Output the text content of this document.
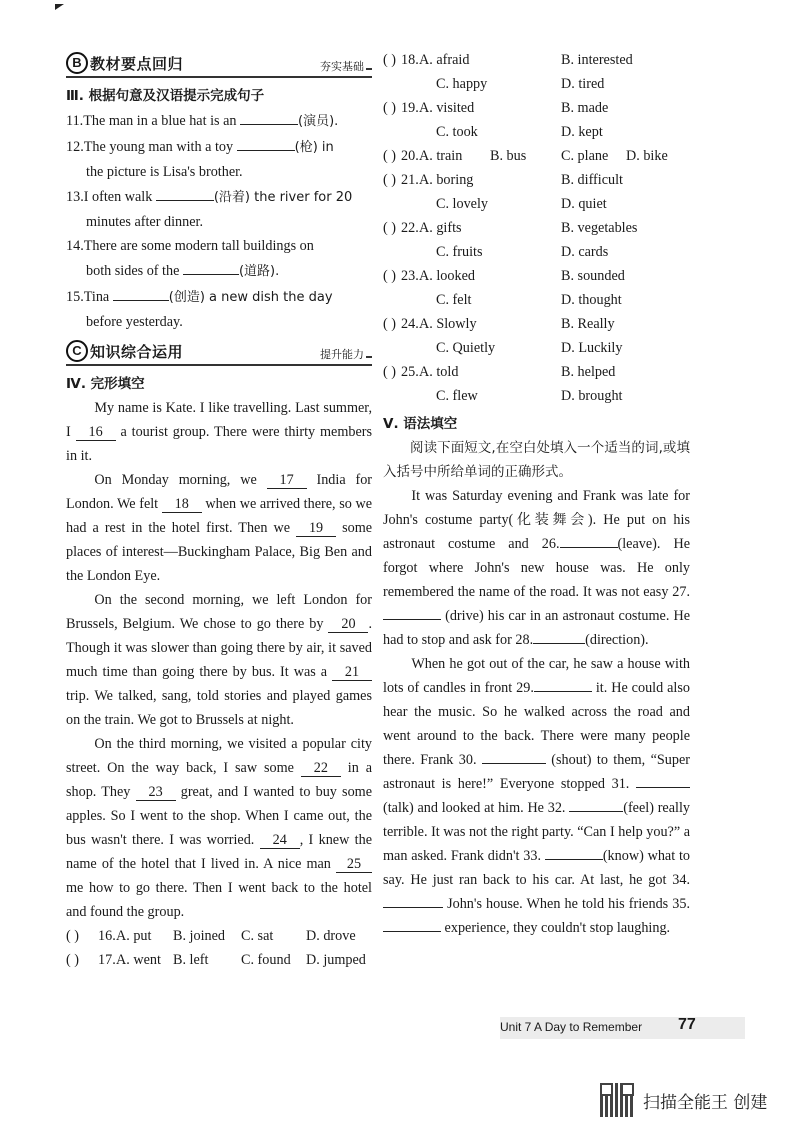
B 教材要点回归	夯实基础
Ⅲ. 根据句意及汉语提示完成句子
11.The man in a blue hat is an	(演员).
12.The young man with a toy	(枪) in
the picture is Lisa's brother.
13.I often walk	(沿着) the river for 20
minutes after dinner.
14.There are some modern tall buildings on
both sides of the	(道路).
15.Tina	(创造) a new dish the day
before yesterday.
C 知识综合运用	提升能力
Ⅳ. 完形填空
My name is Kate. I like travelling. Last summer, I 16 a tourist group. There were thirty members in it.
On Monday morning, we 17 India for London. We felt 18 when we arrived there, so we had a rest in the hotel first. Then we 19 some places of interest—Buckingham Palace, Big Ben and the London Eye.
On the second morning, we left London for Brussels, Belgium. We chose to go there by 20 . Though it was slower than going there by air, it saved much time than going there by bus. It was a 21 trip. We talked, sang, told stories and played games on the train. We got to Brussels at night.
On the third morning, we visited a popular city street. On the way back, I saw some 22 in a shop. They 23 great, and I wanted to buy some apples. So I went to the shop. When I came out, the bus wasn't there. I was worried. 24 , I knew the name of the hotel that I lived in. A nice man 25 me how to go there. Then I went back to the hotel and found the group.
( ) 16. A. put B. joined C. sat D. drove
( ) 17. A. went B. left C. found D. jumped
( ) 18. A. afraid	B. interested
C. happy	D. tired
( ) 19. A. visited	B. made
C. took	D. kept
( ) 20. A. train B. bus C. plane D. bike
( ) 21. A. boring	B. difficult
C. lovely	D. quiet
( ) 22. A. gifts	B. vegetables
C. fruits	D. cards
( ) 23. A. looked	B. sounded
C. felt	D. thought
( ) 24. A. Slowly	B. Really
C. Quietly	D. Luckily
( ) 25. A. told	B. helped
C. flew	D. brought
Ⅴ. 语法填空
阅读下面短文,在空白处填入一个适当的词,或填入括号中所给单词的正确形式。
It was Saturday evening and Frank was late for John's costume party(化装舞会). He put on his astronaut costume and 26.	(leave). He forgot where John's new house was. He only remembered the name of the road. It was not easy 27.  (drive) his car in an astronaut costume. He had to stop and ask for 28.	(direction).
When he got out of the car, he saw a house with lots of candles in front 29.	it. He could also hear the music. So he walked across the road and went around to the back. There were many people there. Frank 30.	(shout) to them, “Super astronaut is here!” Everyone stopped 31. (talk) and looked at him. He 32.	(feel) really terrible. It was not the right party. “Can I help you?” a man asked. Frank didn't 33.	(know) what to say. He just ran back to his car. At last, he got 34.  John's house. When he told his friends 35.  experience, they couldn't stop laughing.
Unit 7 A Day to Remember 77
扫描全能王 创建
